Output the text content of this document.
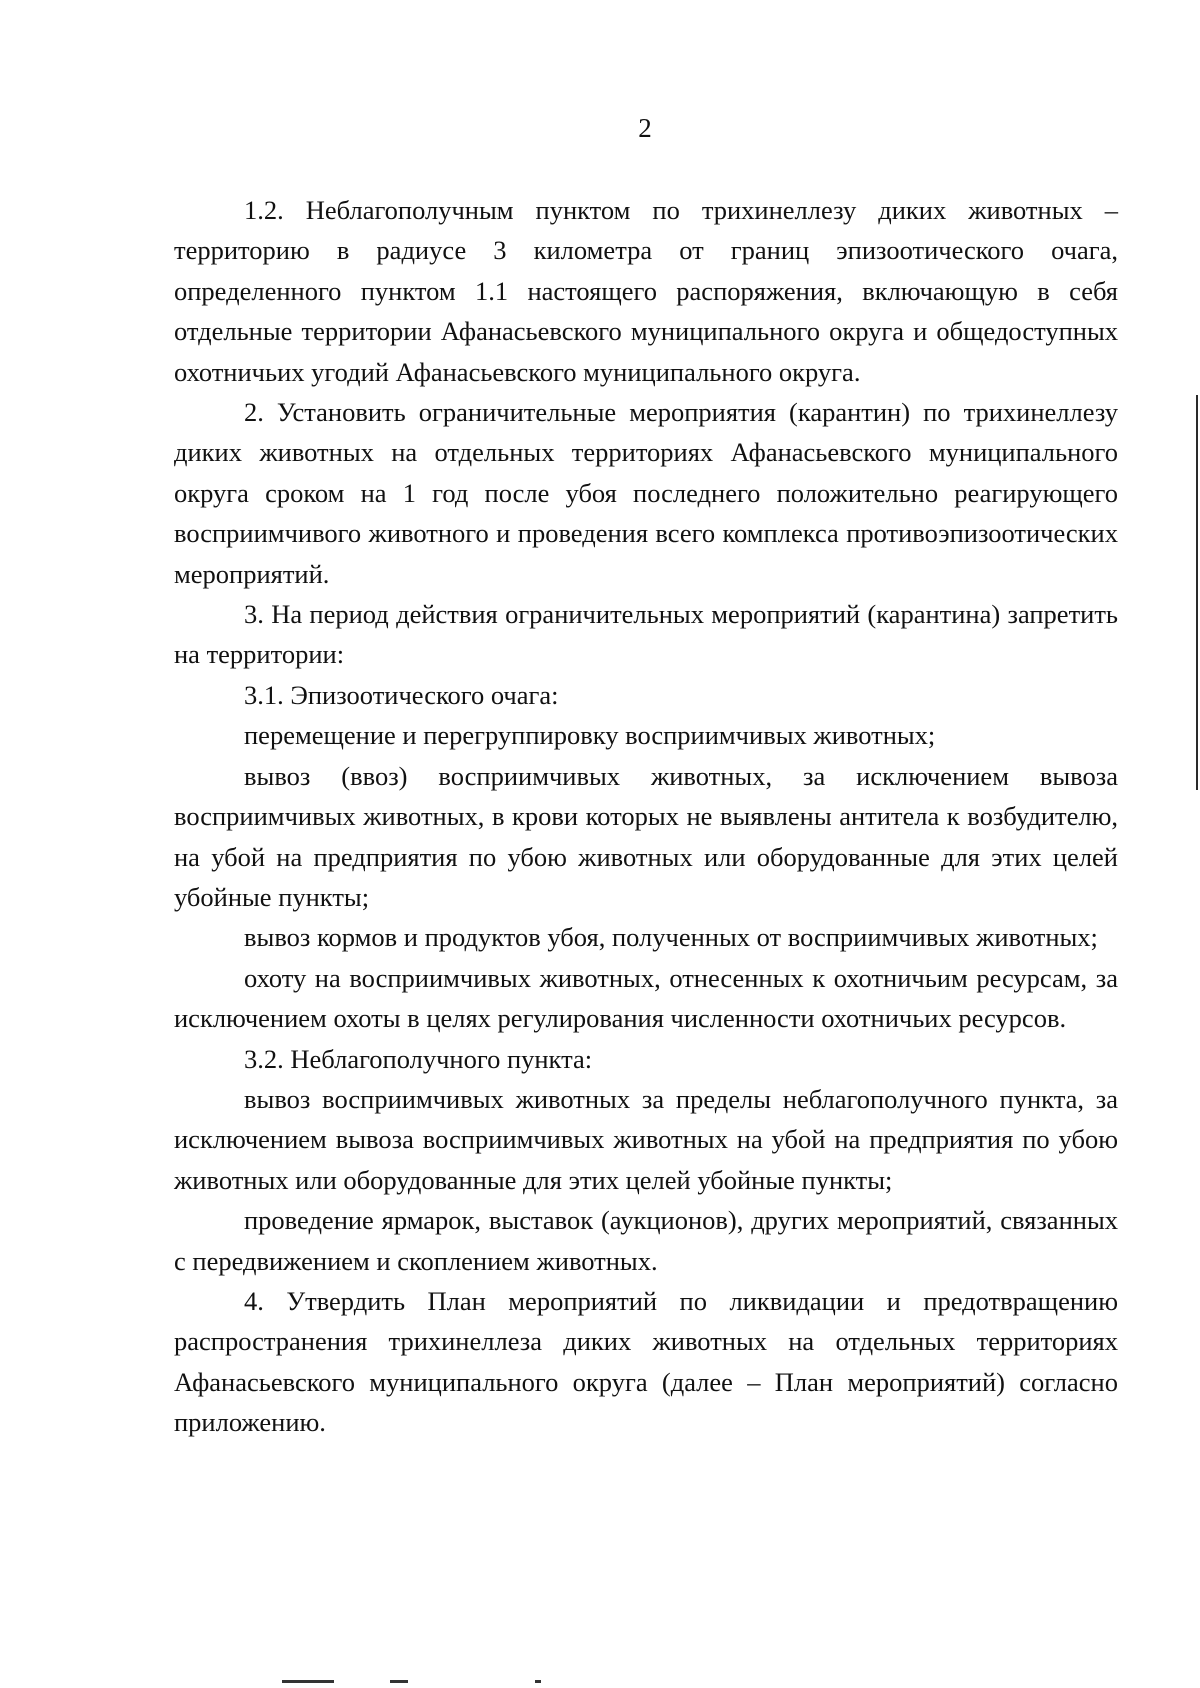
2

1.2. Неблагополучным пунктом по трихинеллезу диких животных – территорию в радиусе 3 километра от границ эпизоотического очага, определенного пунктом 1.1 настоящего распоряжения, включающую в себя отдельные территории Афанасьевского муниципального округа и общедоступных охотничьих угодий Афанасьевского муниципального округа.

2. Установить ограничительные мероприятия (карантин) по трихинеллезу диких животных на отдельных территориях Афанасьевского муниципального округа сроком на 1 год после убоя последнего положительно реагирующего восприимчивого животного и проведения всего комплекса противоэпизоотических мероприятий.

3. На период действия ограничительных мероприятий (карантина) запретить на территории:

3.1. Эпизоотического очага:

перемещение и перегруппировку восприимчивых животных;

вывоз (ввоз) восприимчивых животных, за исключением вывоза восприимчивых животных, в крови которых не выявлены антитела к возбудителю, на убой на предприятия по убою животных или оборудованные для этих целей убойные пункты;

вывоз кормов и продуктов убоя, полученных от восприимчивых животных;

охоту на восприимчивых животных, отнесенных к охотничьим ресурсам, за исключением охоты в целях регулирования численности охотничьих ресурсов.

3.2. Неблагополучного пункта:

вывоз восприимчивых животных за пределы неблагополучного пункта, за исключением вывоза восприимчивых животных на убой на предприятия по убою животных или оборудованные для этих целей убойные пункты;

проведение ярмарок, выставок (аукционов), других мероприятий, связанных с передвижением и скоплением животных.

4. Утвердить План мероприятий по ликвидации и предотвращению распространения трихинеллеза диких животных на отдельных территориях Афанасьевского муниципального округа (далее – План мероприятий) согласно приложению.
